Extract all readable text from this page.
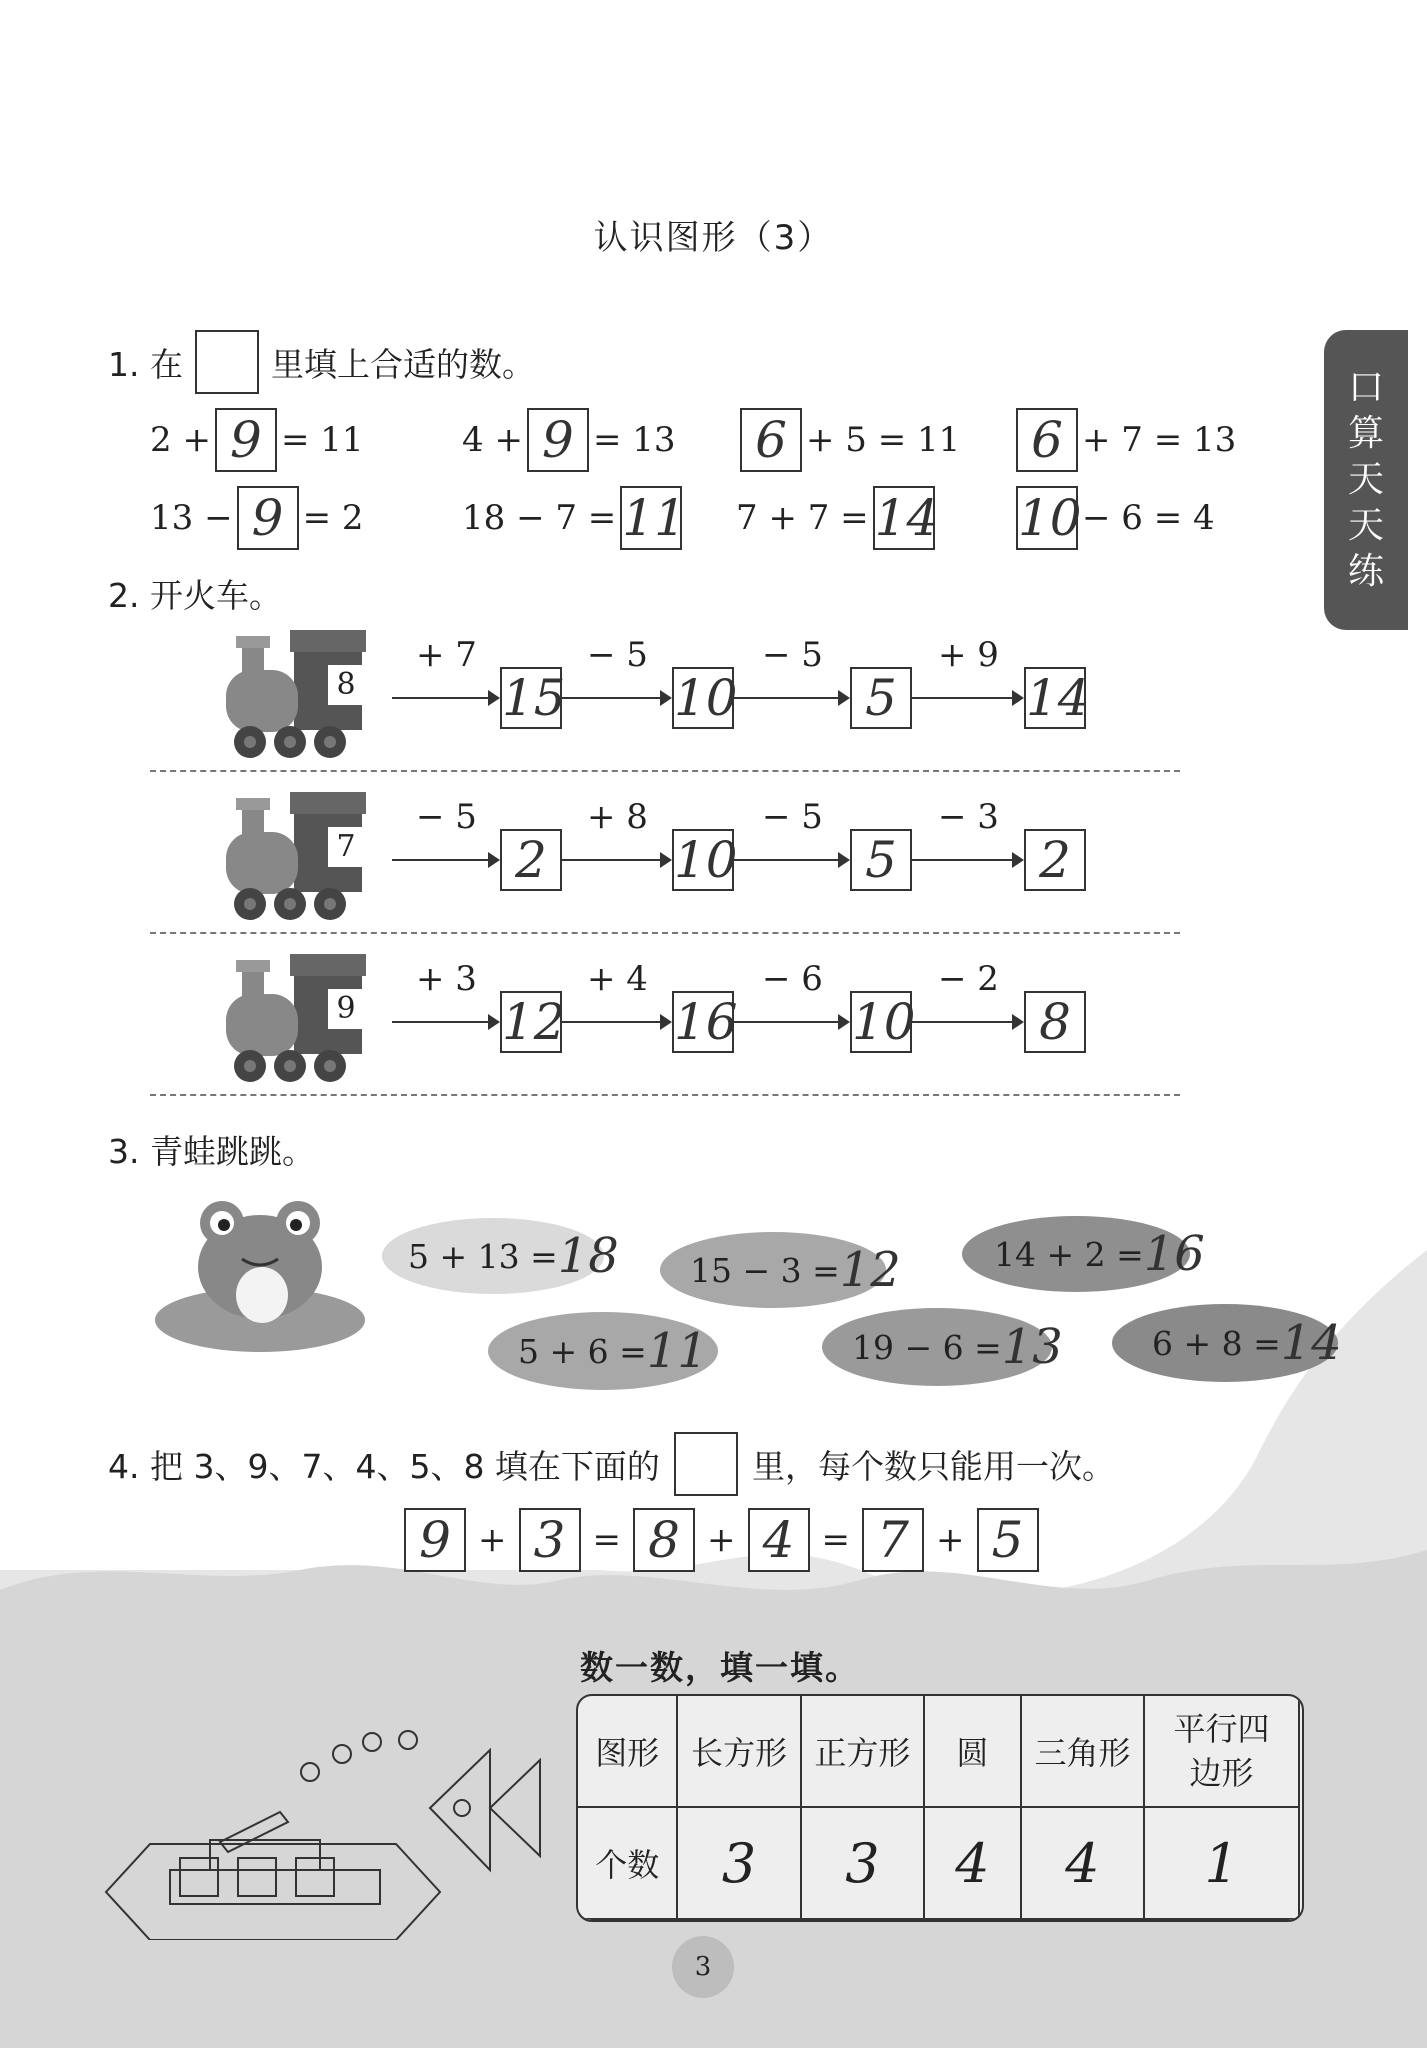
认识图形（3）
口
算
天
天
练
1. 在	里填上合适的数。
2 + 9 = 11	4 + 9 = 13 6 + 5 = 11 6 + 7 = 13
13 − 9 = 2	18 − 7 = 11 7 + 7 = 14 10 − 6 = 4
2. 开火车。
8
7
9
+ 7
15
− 5
10
− 5
5
+ 9
14
− 5
2
+ 8
10
− 5
5
− 3
2
+ 3
12
+ 4
16
− 6
10
− 2
8
3. 青蛙跳跳。
5 + 13 = 18 15 − 3 = 12	14 + 2 = 16
5 + 6 = 11	19 − 6 = 13	6 + 8 = 14
4. 把 3、9、7、4、5、8 填在下面的	里，每个数只能用一次。
9 + 3 = 8 + 4 = 7 + 5
数一数，填一填。
图形	长方形	正方形	圆	三角形	平行四边形
个数	3	3	4	4	1
3
